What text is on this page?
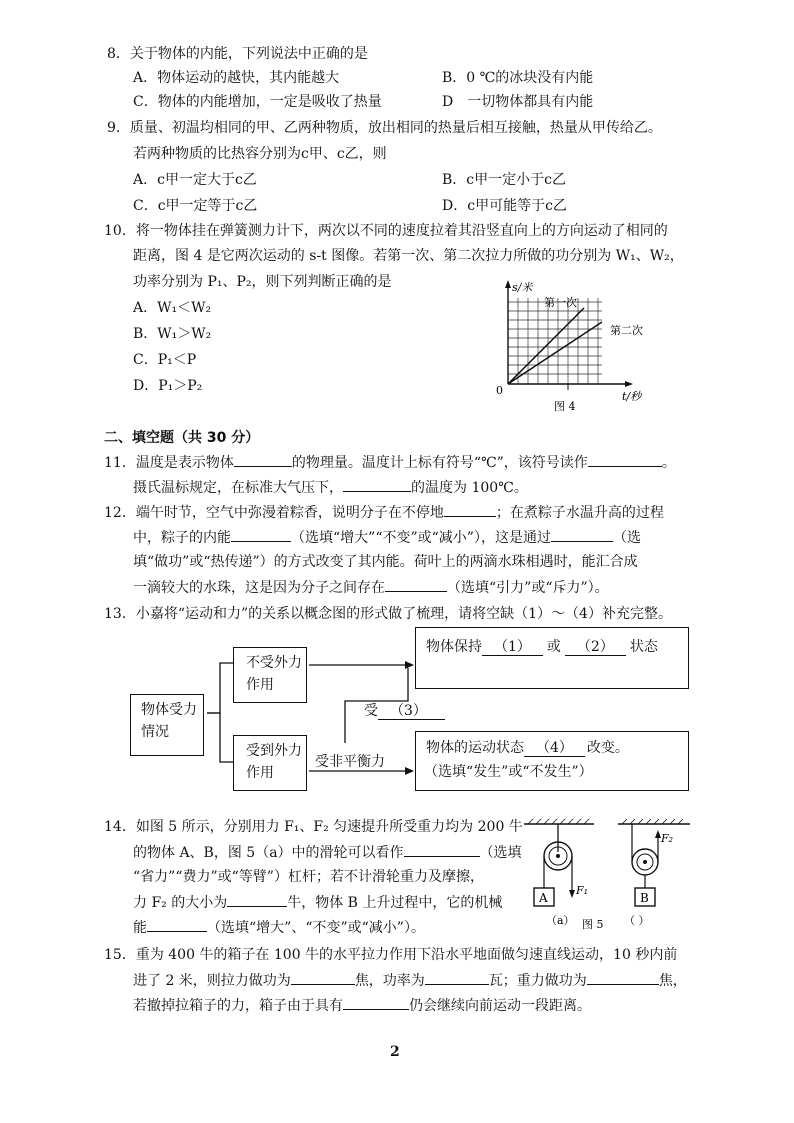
8．关于物体的内能，下列说法中正确的是
A．物体运动的越快，其内能越大	B．0 ℃的冰块没有内能
C．物体的内能增加，一定是吸收了热量	D　一切物体都具有内能
9．质量、初温均相同的甲、乙两种物质，放出相同的热量后相互接触，热量从甲传给乙。
若两种物质的比热容分别为c甲、c乙，则
A．c甲一定大于c乙	B．c甲一定小于c乙
C．c甲一定等于c乙	D．c甲可能等于c乙
10．将一物体挂在弹簧测力计下，两次以不同的速度拉着其沿竖直向上的方向运动了相同的
距离，图 4 是它两次运动的 s-t 图像。若第一次、第二次拉力所做的功分别为 W₁、W₂，
功率分别为 P₁、P₂，则下列判断正确的是
A．W₁＜W₂
B．W₁＞W₂
C．P₁＜P
D．P₁＞P₂
s/米
第一次
第二次
0	t/秒
图 4
二、填空题（共 30 分）
11．温度是表示物体	的物理量。温度计上标有符号“℃”，该符号读作	。
摄氏温标规定，在标准大气压下，	的温度为 100℃。
12．端午时节，空气中弥漫着粽香，说明分子在不停地	；在煮粽子水温升高的过程
中，粽子的内能	（选填“增大”“不变”或“减小”），这是通过	（选
填“做功”或“热传递”）的方式改变了其内能。荷叶上的两滴水珠相遇时，能汇合成
一滴较大的水珠，这是因为分子之间存在	（选填“引力”或“斥力”）。
13．小嘉将“运动和力”的关系以概念图的形式做了梳理，请将空缺（1）～（4）补充完整。
物体受力情况
不受外力作用
受到外力作用
物体保持 （1） 或 （2） 状态
受 （3）
受非平衡力
物体的运动状态 （4） 改变。
（选填“发生”或“不发生”）
14．如图 5 所示，分别用力 F₁、F₂ 匀速提升所受重力均为 200 牛
的物体 A、B，图 5（a）中的滑轮可以看作	（选填
“省力”“费力”或“等臂”）杠杆；若不计滑轮重力及摩擦，
力 F₂ 的大小为	牛，物体 B 上升过程中，它的机械
能	（选填“增大”、“不变”或“减小”）。
A
F₁
（a）
B
F₂
（ ）
图 5
15．重为 400 牛的箱子在 100 牛的水平拉力作用下沿水平地面做匀速直线运动，10 秒内前
进了 2 米，则拉力做功为	焦，功率为	瓦；重力做功为	焦，
若撤掉拉箱子的力，箱子由于具有	仍会继续向前运动一段距离。
2
